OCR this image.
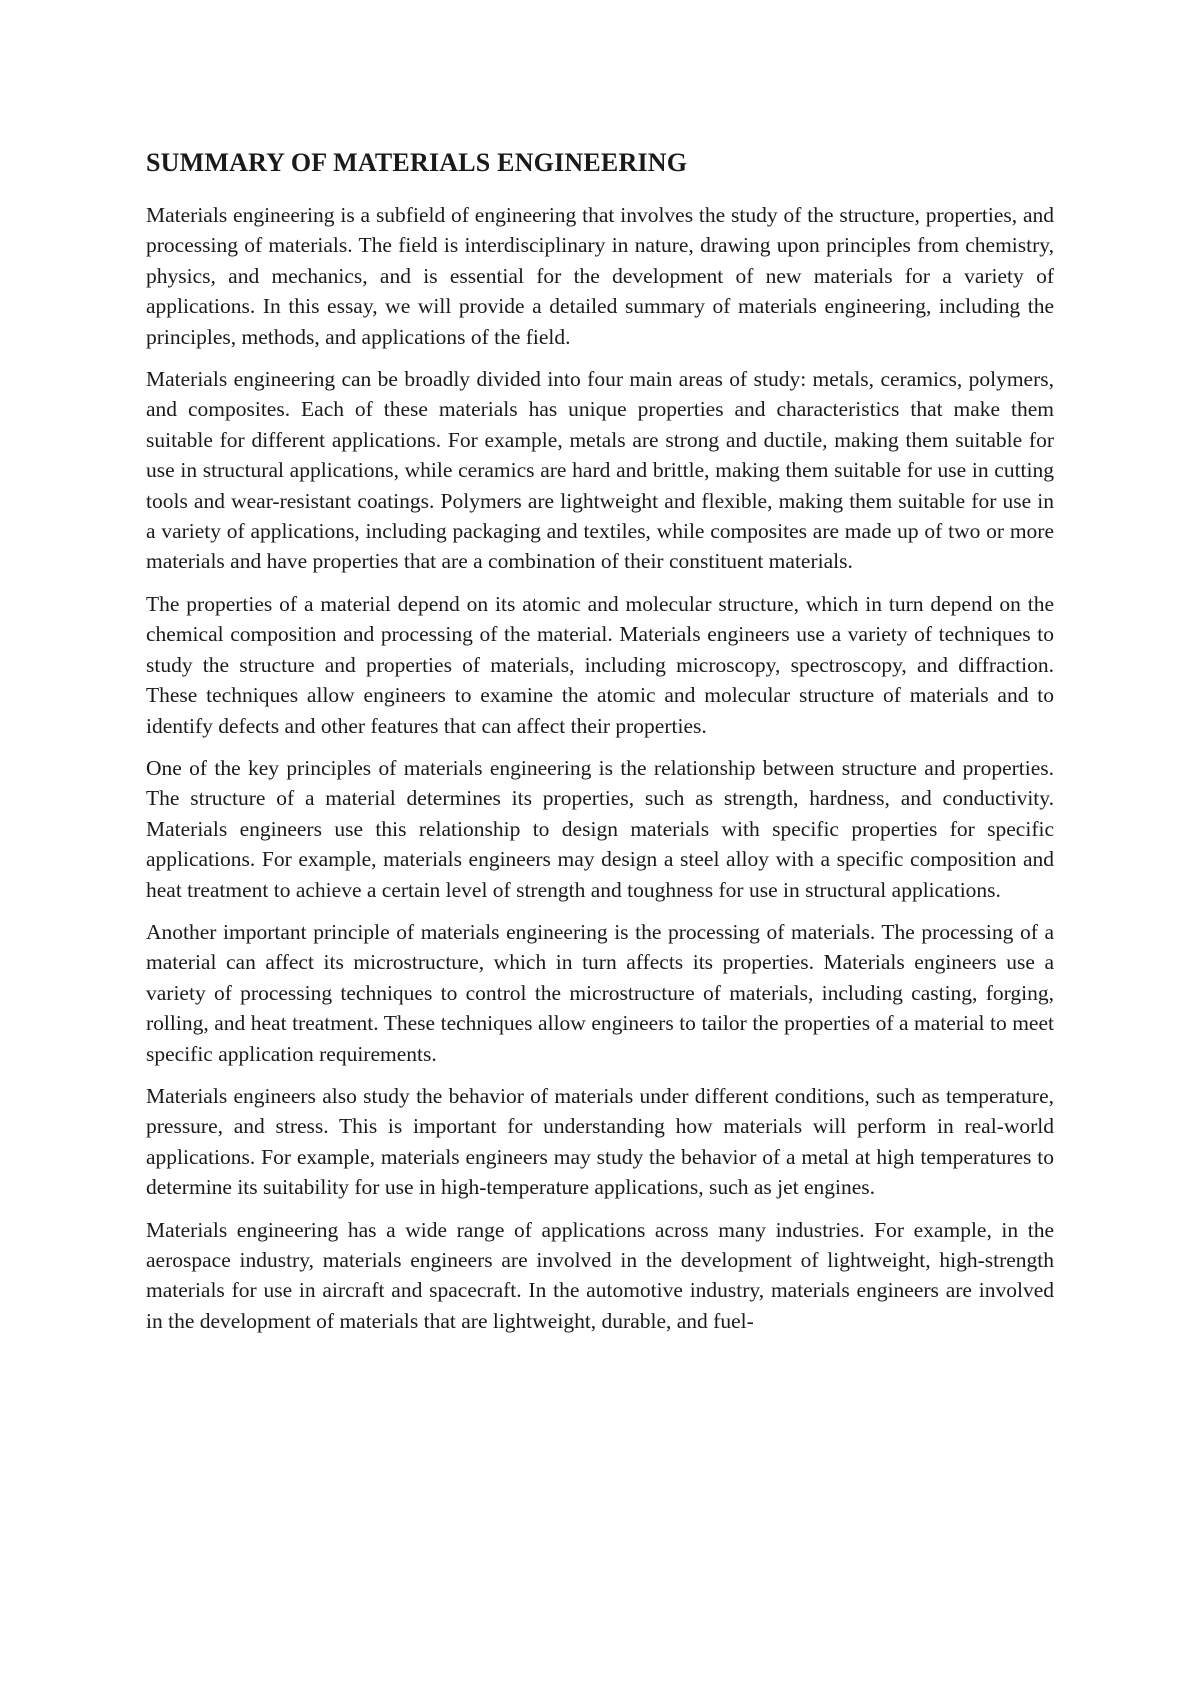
SUMMARY OF MATERIALS ENGINEERING

Materials engineering is a subfield of engineering that involves the study of the structure, properties, and processing of materials. The field is interdisciplinary in nature, drawing upon principles from chemistry, physics, and mechanics, and is essential for the development of new materials for a variety of applications. In this essay, we will provide a detailed summary of materials engineering, including the principles, methods, and applications of the field.

Materials engineering can be broadly divided into four main areas of study: metals, ceramics, polymers, and composites. Each of these materials has unique properties and characteristics that make them suitable for different applications. For example, metals are strong and ductile, making them suitable for use in structural applications, while ceramics are hard and brittle, making them suitable for use in cutting tools and wear-resistant coatings. Polymers are lightweight and flexible, making them suitable for use in a variety of applications, including packaging and textiles, while composites are made up of two or more materials and have properties that are a combination of their constituent materials.

The properties of a material depend on its atomic and molecular structure, which in turn depend on the chemical composition and processing of the material. Materials engineers use a variety of techniques to study the structure and properties of materials, including microscopy, spectroscopy, and diffraction. These techniques allow engineers to examine the atomic and molecular structure of materials and to identify defects and other features that can affect their properties.

One of the key principles of materials engineering is the relationship between structure and properties. The structure of a material determines its properties, such as strength, hardness, and conductivity. Materials engineers use this relationship to design materials with specific properties for specific applications. For example, materials engineers may design a steel alloy with a specific composition and heat treatment to achieve a certain level of strength and toughness for use in structural applications.

Another important principle of materials engineering is the processing of materials. The processing of a material can affect its microstructure, which in turn affects its properties. Materials engineers use a variety of processing techniques to control the microstructure of materials, including casting, forging, rolling, and heat treatment. These techniques allow engineers to tailor the properties of a material to meet specific application requirements.

Materials engineers also study the behavior of materials under different conditions, such as temperature, pressure, and stress. This is important for understanding how materials will perform in real-world applications. For example, materials engineers may study the behavior of a metal at high temperatures to determine its suitability for use in high-temperature applications, such as jet engines.

Materials engineering has a wide range of applications across many industries. For example, in the aerospace industry, materials engineers are involved in the development of lightweight, high-strength materials for use in aircraft and spacecraft. In the automotive industry, materials engineers are involved in the development of materials that are lightweight, durable, and fuel-
